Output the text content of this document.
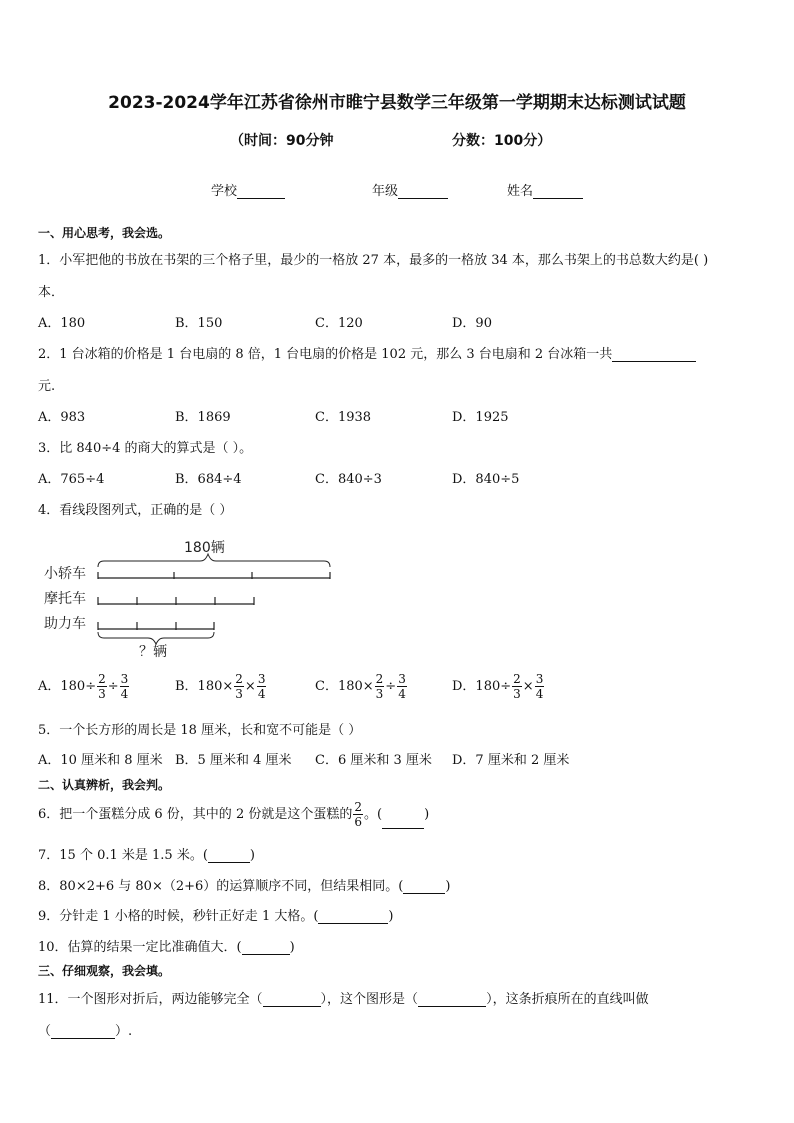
2023-2024学年江苏省徐州市睢宁县数学三年级第一学期期末达标测试试题
（时间：90分钟	分数：100分）
学校	年级	姓名
一、用心思考，我会选。
1．小军把他的书放在书架的三个格子里，最少的一格放 27 本，最多的一格放 34 本，那么书架上的书总数大约是( )
本．
A．180	B．150	C．120	D．90
2．1 台冰箱的价格是 1 台电扇的 8 倍，1 台电扇的价格是 102 元，那么 3 台电扇和 2 台冰箱一共
元.
A．983	B．1869	C．1938	D．1925
3．比 840÷4 的商大的算式是（ ）。
A．765÷4	B．684÷4	C．840÷3	D．840÷5
4．看线段图列式，正确的是（ ）
180辆
小轿车
摩托车
助力车
？辆
A．$180\div \frac{2}{3} \div \frac{3}{4}$	B．$180\times \frac{2}{3} \times \frac{3}{4}$	C．$180\times \frac{2}{3} \div \frac{3}{4}$	D．$180\div \frac{2}{3} \times \frac{3}{4}$
5．一个长方形的周长是 18 厘米，长和宽不可能是（ ）
A．10 厘米和 8 厘米 B．5 厘米和 4 厘米 C．6 厘米和 3 厘米 D．7 厘米和 2 厘米
二、认真辨析，我会判。
6．把一个蛋糕分成 6 份，其中的 2 份就是这个蛋糕的 $\frac{2}{6}$ 。(	)
7．15 个 0.1 米是 1.5 米。(	)
8．80×2+6 与 80×（2+6）的运算顺序不同，但结果相同。(	)
9．分针走 1 小格的时候，秒针正好走 1 大格。(	)
10．估算的结果一定比准确值大．(	)
三、仔细观察，我会填。
11．一个图形对折后，两边能够完全（	），这个图形是（	），这条折痕所在的直线叫做
（	）.
